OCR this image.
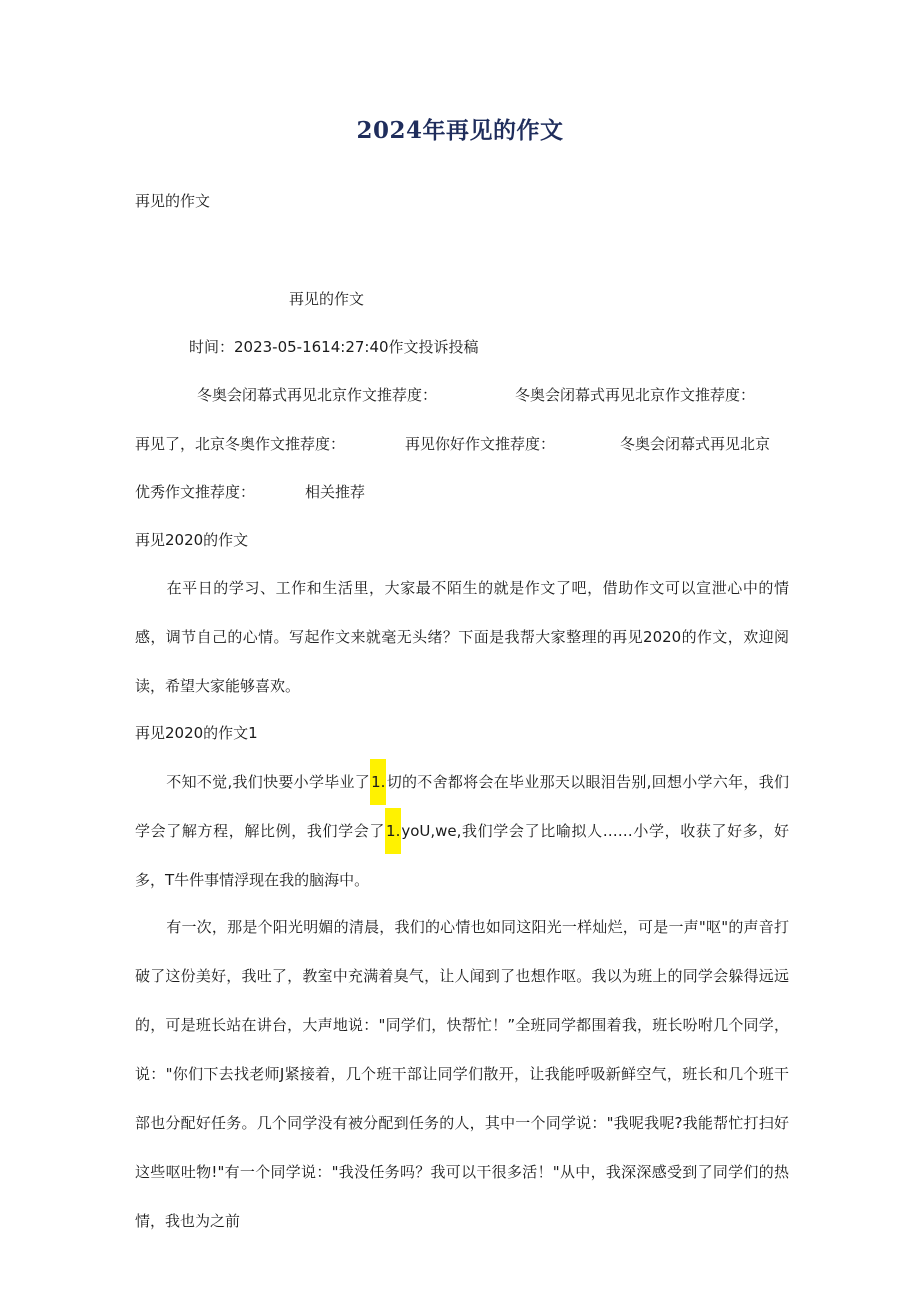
2024年再见的作文
再见的作文
再见的作文
时间：2023-05-1614:27:40作文投诉投稿
冬奥会闭幕式再见北京作文推荐度：	冬奥会闭幕式再见北京作文推荐度：
再见了，北京冬奥作文推荐度：	再见你好作文推荐度：	冬奥会闭幕式再见北京
优秀作文推荐度：	相关推荐
再见2020的作文
在平日的学习、工作和生活里，大家最不陌生的就是作文了吧，借助作文可以宣泄心中的情感，调节自己的心情。写起作文来就毫无头绪？下面是我帮大家整理的再见2020的作文，欢迎阅读，希望大家能够喜欢。
再见2020的作文1
不知不觉,我们快要小学毕业了1.切的不舍都将会在毕业那天以眼泪告别,回想小学六年，我们学会了解方程，解比例，我们学会了1.yoU,we,我们学会了比喻拟人……小学，收获了好多，好多，T牛件事情浮现在我的脑海中。
有一次，那是个阳光明媚的清晨，我们的心情也如同这阳光一样灿烂，可是一声"呕"的声音打破了这份美好，我吐了，教室中充满着臭气，让人闻到了也想作呕。我以为班上的同学会躲得远远的，可是班长站在讲台，大声地说："同学们，快帮忙！”全班同学都围着我，班长吩咐几个同学，说："你们下去找老师J紧接着，几个班干部让同学们散开，让我能呼吸新鲜空气，班长和几个班干部也分配好任务。几个同学没有被分配到任务的人，其中一个同学说："我呢我呢?我能帮忙打扫好这些呕吐物!"有一个同学说："我没任务吗？我可以干很多活！"从中，我深深感受到了同学们的热情，我也为之前
